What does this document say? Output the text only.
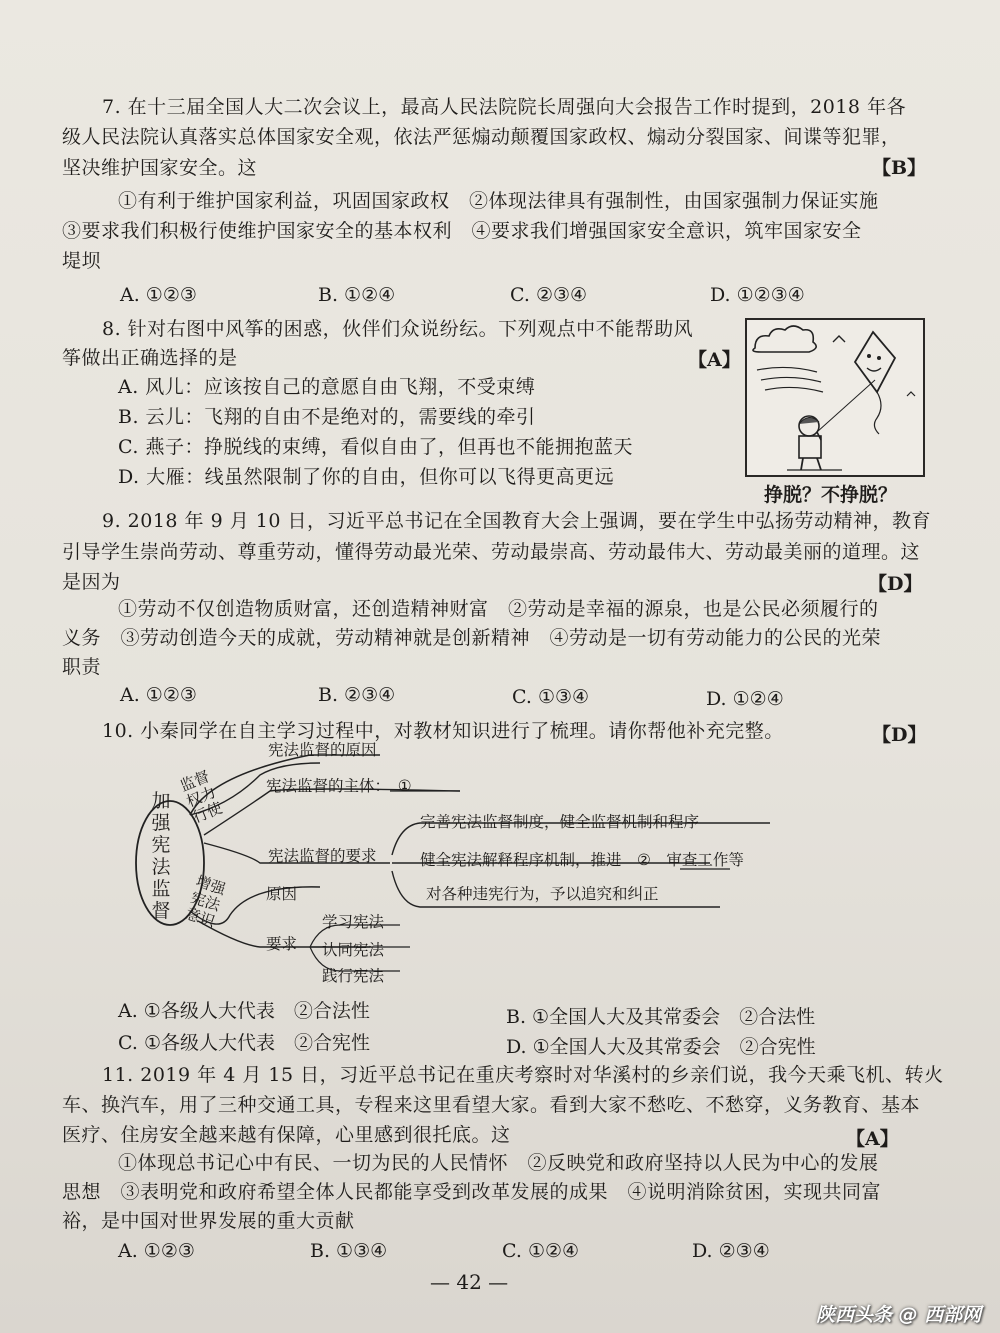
7. 在十三届全国人大二次会议上，最高人民法院院长周强向大会报告工作时提到，2018 年各
级人民法院认真落实总体国家安全观，依法严惩煽动颠覆国家政权、煽动分裂国家、间谍等犯罪，
坚决维护国家安全。这	【B】
①有利于维护国家利益，巩固国家政权　②体现法律具有强制性，由国家强制力保证实施
③要求我们积极行使维护国家安全的基本权利　④要求我们增强国家安全意识，筑牢国家安全
堤坝
A. ①②③	B. ①②④	C. ②③④	D. ①②③④
8. 针对右图中风筝的困惑，伙伴们众说纷纭。下列观点中不能帮助风
筝做出正确选择的是	【A】
A. 风儿：应该按自己的意愿自由飞翔，不受束缚
B. 云儿：飞翔的自由不是绝对的，需要线的牵引
C. 燕子：挣脱线的束缚，看似自由了，但再也不能拥抱蓝天
D. 大雁：线虽然限制了你的自由，但你可以飞得更高更远
挣脱？不挣脱？
9. 2018 年 9 月 10 日，习近平总书记在全国教育大会上强调，要在学生中弘扬劳动精神，教育
引导学生崇尚劳动、尊重劳动，懂得劳动最光荣、劳动最崇高、劳动最伟大、劳动最美丽的道理。这
是因为	【D】
①劳动不仅创造物质财富，还创造精神财富　②劳动是幸福的源泉，也是公民必须履行的
义务　③劳动创造今天的成就，劳动精神就是创新精神　④劳动是一切有劳动能力的公民的光荣
职责
A. ①②③	B. ②③④	C. ①③④	D. ①②④
10. 小秦同学在自主学习过程中，对教材知识进行了梳理。请你帮他补充完整。	【D】
加强宪法监督
监督权力行使
增强宪法意识
宪法监督的原因
宪法监督的主体：　①
宪法监督的要求
完善宪法监督制度，健全监督机制和程序
健全宪法解释程序机制，推进　②　审查工作等
对各种违宪行为，予以追究和纠正
原因
要求
学习宪法
认同宪法
践行宪法
A. ①各级人大代表　②合法性	B. ①全国人大及其常委会　②合法性
C. ①各级人大代表　②合宪性	D. ①全国人大及其常委会　②合宪性
11. 2019 年 4 月 15 日，习近平总书记在重庆考察时对华溪村的乡亲们说，我今天乘飞机、转火
车、换汽车，用了三种交通工具，专程来这里看望大家。看到大家不愁吃、不愁穿，义务教育、基本
医疗、住房安全越来越有保障，心里感到很托底。这	【A】
①体现总书记心中有民、一切为民的人民情怀　②反映党和政府坚持以人民为中心的发展
思想　③表明党和政府希望全体人民都能享受到改革发展的成果　④说明消除贫困，实现共同富
裕，是中国对世界发展的重大贡献
A. ①②③	B. ①③④	C. ①②④	D. ②③④
— 42 —
陕西头条 @ 西部网
